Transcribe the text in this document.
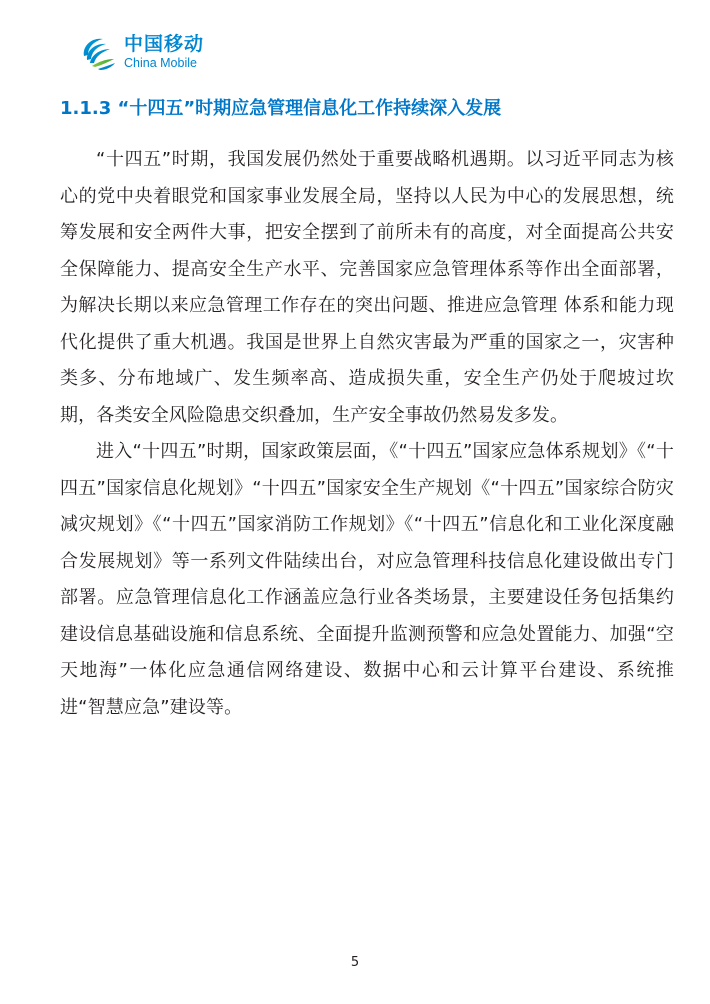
中国移动
China Mobile
1.1.3 “十四五”时期应急管理信息化工作持续深入发展

“十四五”时期，我国发展仍然处于重要战略机遇期。以习近平同志为核心的党中央着眼党和国家事业发展全局，坚持以人民为中心的发展思想，统筹发展和安全两件大事，把安全摆到了前所未有的高度，对全面提高公共安全保障能力、提高安全生产水平、完善国家应急管理体系等作出全面部署，为解决长期以来应急管理工作存在的突出问题、推进应急管理 体系和能力现代化提供了重大机遇。我国是世界上自然灾害最为严重的国家之一，灾害种类多、分布地域广、发生频率高、造成损失重，安全生产仍处于爬坡过坎期，各类安全风险隐患交织叠加，生产安全事故仍然易发多发。

进入“十四五”时期，国家政策层面，《“十四五”国家应急体系规划》《“十四五”国家信息化规划》“十四五”国家安全生产规划《“十四五”国家综合防灾减灾规划》《“十四五”国家消防工作规划》《“十四五”信息化和工业化深度融合发展规划》等一系列文件陆续出台，对应急管理科技信息化建设做出专门部署。应急管理信息化工作涵盖应急行业各类场景，主要建设任务包括集约建设信息基础设施和信息系统、全面提升监测预警和应急处置能力、加强“空天地海”一体化应急通信网络建设、数据中心和云计算平台建设、系统推进“智慧应急”建设等。

5
